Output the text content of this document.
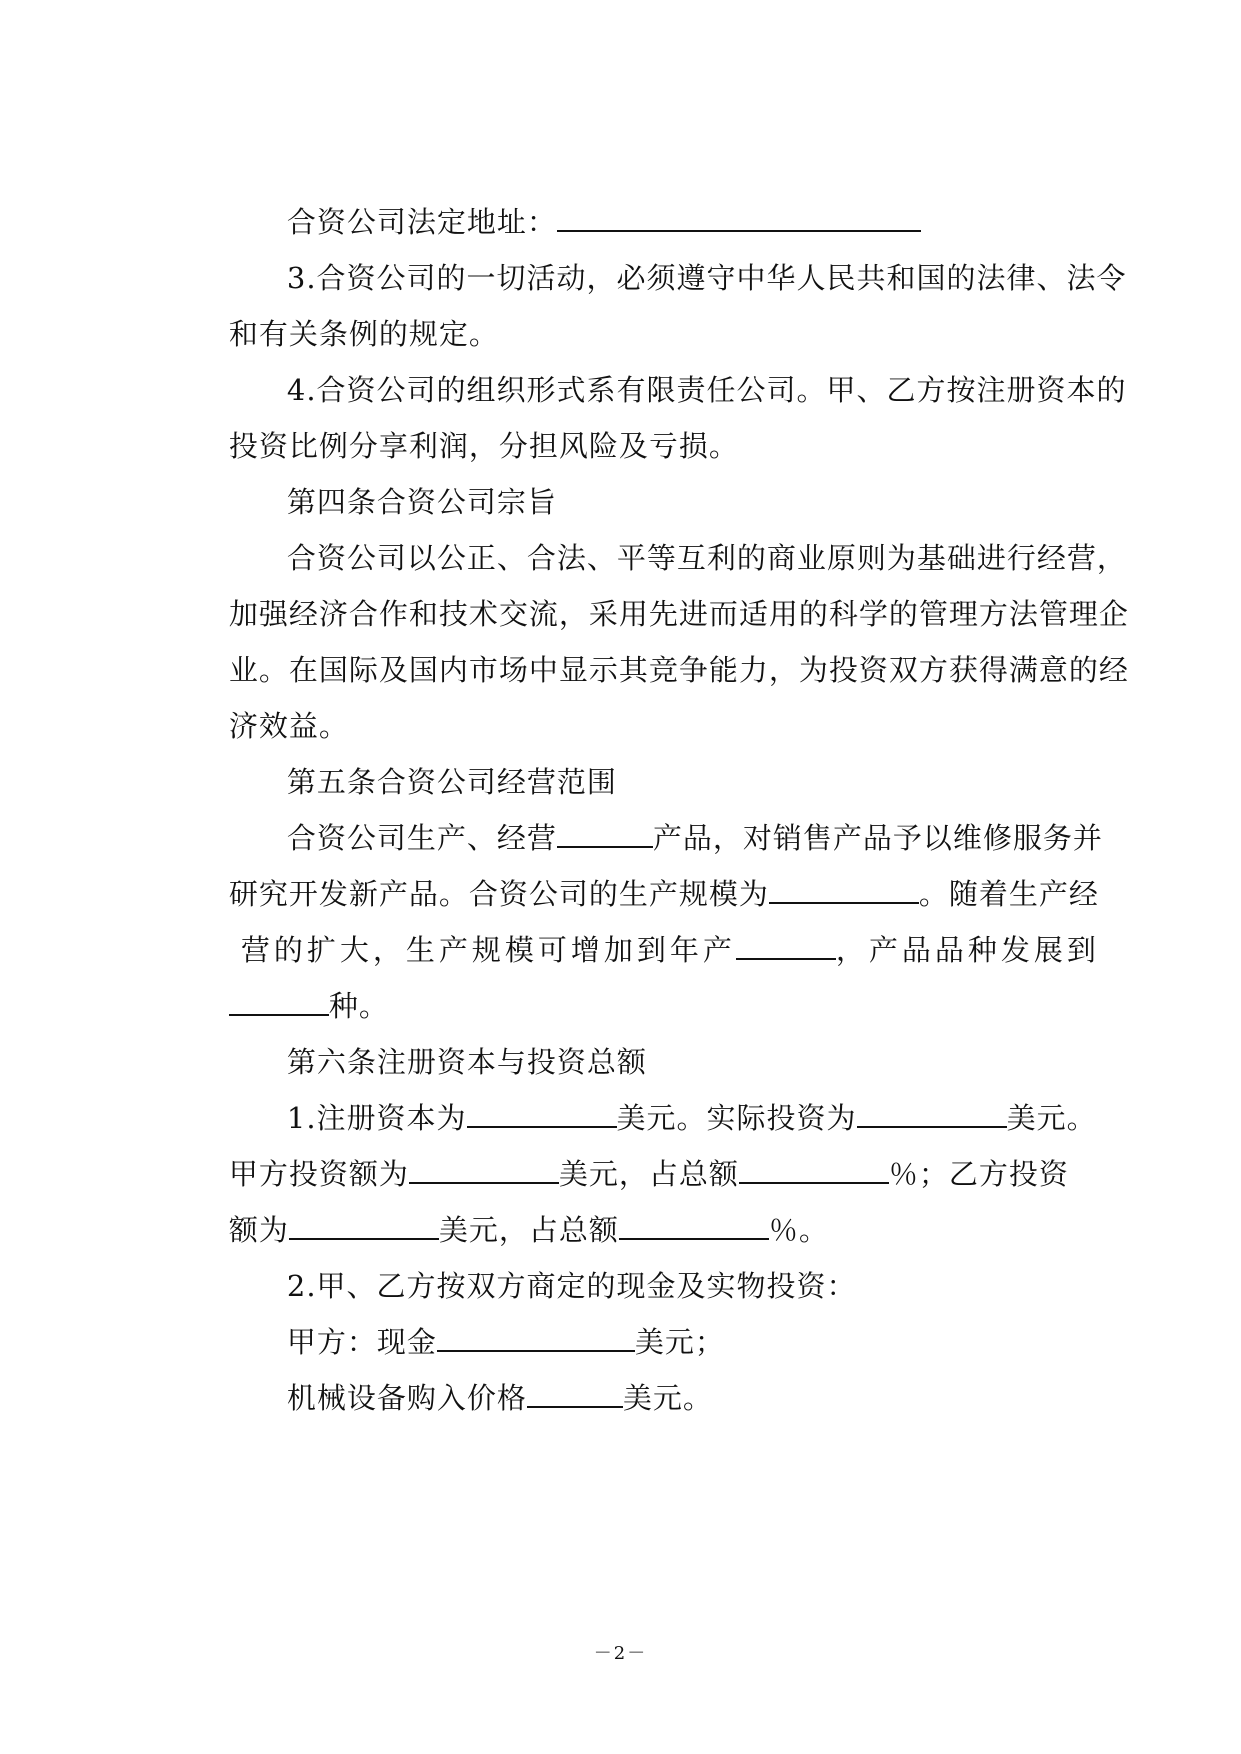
合资公司法定地址：

3.合资公司的一切活动，必须遵守中华人民共和国的法律、法令

和有关条例的规定。

4.合资公司的组织形式系有限责任公司。甲、乙方按注册资本的

投资比例分享利润，分担风险及亏损。

第四条合资公司宗旨

合资公司以公正、合法、平等互利的商业原则为基础进行经营，

加强经济合作和技术交流，采用先进而适用的科学的管理方法管理企

业。在国际及国内市场中显示其竞争能力，为投资双方获得满意的经

济效益。

第五条合资公司经营范围

合资公司生产、经营	产品，对销售产品予以维修服务并

研究开发新产品。合资公司的生产规模为	。随着生产经

营的扩大，生产规模可增加到年产	，产品品种发展到

种。

第六条注册资本与投资总额

1.注册资本为	美元。实际投资为	美元。

甲方投资额为	美元，占总额	％；乙方投资

额为	美元，占总额	％。

2.甲、乙方按双方商定的现金及实物投资：

甲方：现金	美元；

机械设备购入价格	美元。

－2－
